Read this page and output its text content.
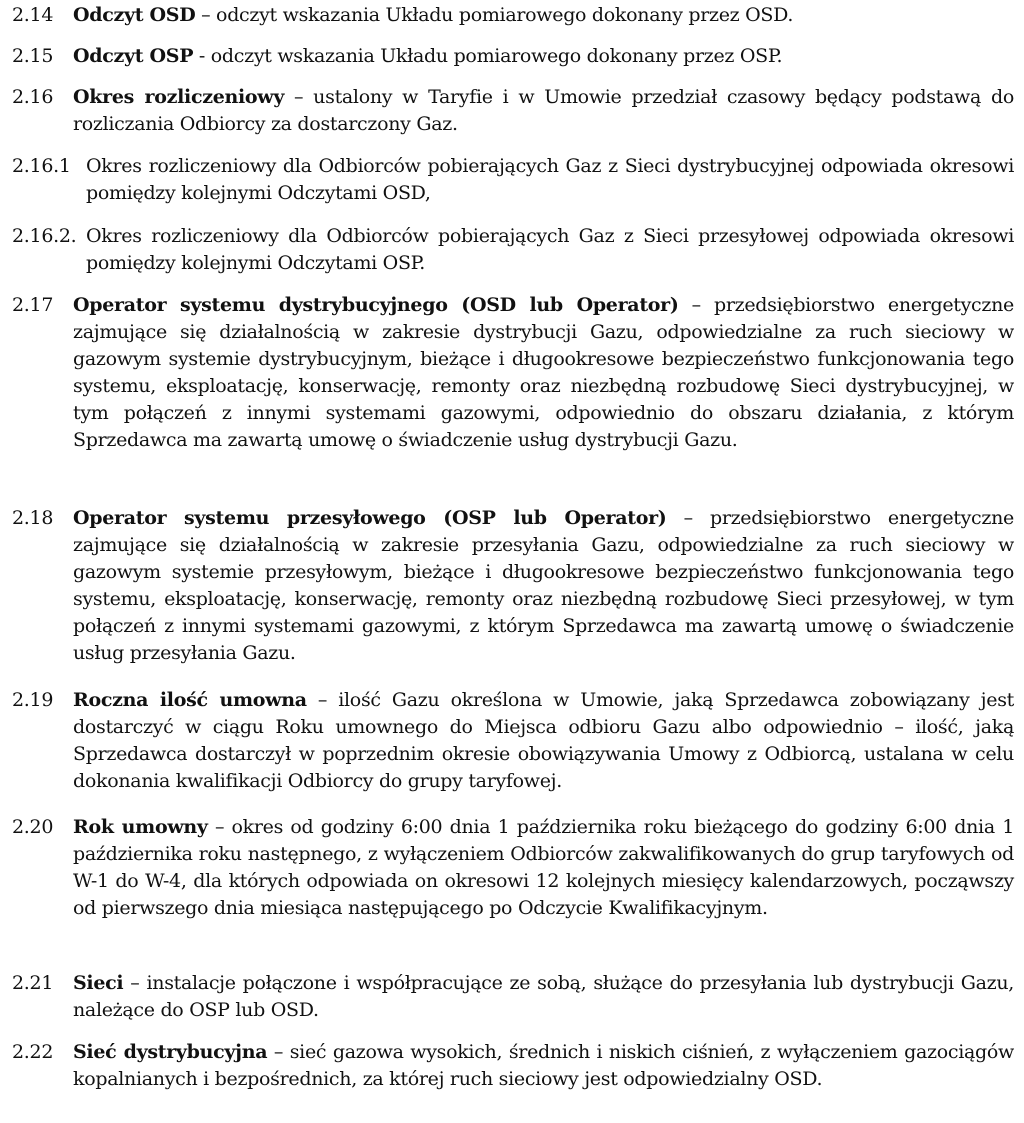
2.14 Odczyt OSD – odczyt wskazania Układu pomiarowego dokonany przez OSD.
2.15 Odczyt OSP - odczyt wskazania Układu pomiarowego dokonany przez OSP.
2.16 Okres rozliczeniowy – ustalony w Taryfie i w Umowie przedział czasowy będący podstawą do rozliczania Odbiorcy za dostarczony Gaz.
2.16.1 Okres rozliczeniowy dla Odbiorców pobierających Gaz z Sieci dystrybucyjnej odpowiada okresowi pomiędzy kolejnymi Odczytami OSD,
2.16.2. Okres rozliczeniowy dla Odbiorców pobierających Gaz z Sieci przesyłowej odpowiada okresowi pomiędzy kolejnymi Odczytami OSP.
2.17 Operator systemu dystrybucyjnego (OSD lub Operator) – przedsiębiorstwo energetyczne zajmujące się działalnością w zakresie dystrybucji Gazu, odpowiedzialne za ruch sieciowy w gazowym systemie dystrybucyjnym, bieżące i długookresowe bezpieczeństwo funkcjonowania tego systemu, eksploatację, konserwację, remonty oraz niezbędną rozbudowę Sieci dystrybucyjnej, w tym połączeń z innymi systemami gazowymi, odpowiednio do obszaru działania, z którym Sprzedawca ma zawartą umowę o świadczenie usług dystrybucji Gazu.
2.18 Operator systemu przesyłowego (OSP lub Operator) – przedsiębiorstwo energetyczne zajmujące się działalnością w zakresie przesyłania Gazu, odpowiedzialne za ruch sieciowy w gazowym systemie przesyłowym, bieżące i długookresowe bezpieczeństwo funkcjonowania tego systemu, eksploatację, konserwację, remonty oraz niezbędną rozbudowę Sieci przesyłowej, w tym połączeń z innymi systemami gazowymi, z którym Sprzedawca ma zawartą umowę o świadczenie usług przesyłania Gazu.
2.19 Roczna ilość umowna – ilość Gazu określona w Umowie, jaką Sprzedawca zobowiązany jest dostarczyć w ciągu Roku umownego do Miejsca odbioru Gazu albo odpowiednio – ilość, jaką Sprzedawca dostarczył w poprzednim okresie obowiązywania Umowy z Odbiorcą, ustalana w celu dokonania kwalifikacji Odbiorcy do grupy taryfowej.
2.20 Rok umowny – okres od godziny 6:00 dnia 1 października roku bieżącego do godziny 6:00 dnia 1 października roku następnego, z wyłączeniem Odbiorców zakwalifikowanych do grup taryfowych od W-1 do W-4, dla których odpowiada on okresowi 12 kolejnych miesięcy kalendarzowych, począwszy od pierwszego dnia miesiąca następującego po Odczycie Kwalifikacyjnym.
2.21 Sieci – instalacje połączone i współpracujące ze sobą, służące do przesyłania lub dystrybucji Gazu, należące do OSP lub OSD.
2.22 Sieć dystrybucyjna – sieć gazowa wysokich, średnich i niskich ciśnień, z wyłączeniem gazociągów kopalnianych i bezpośrednich, za której ruch sieciowy jest odpowiedzialny OSD.
